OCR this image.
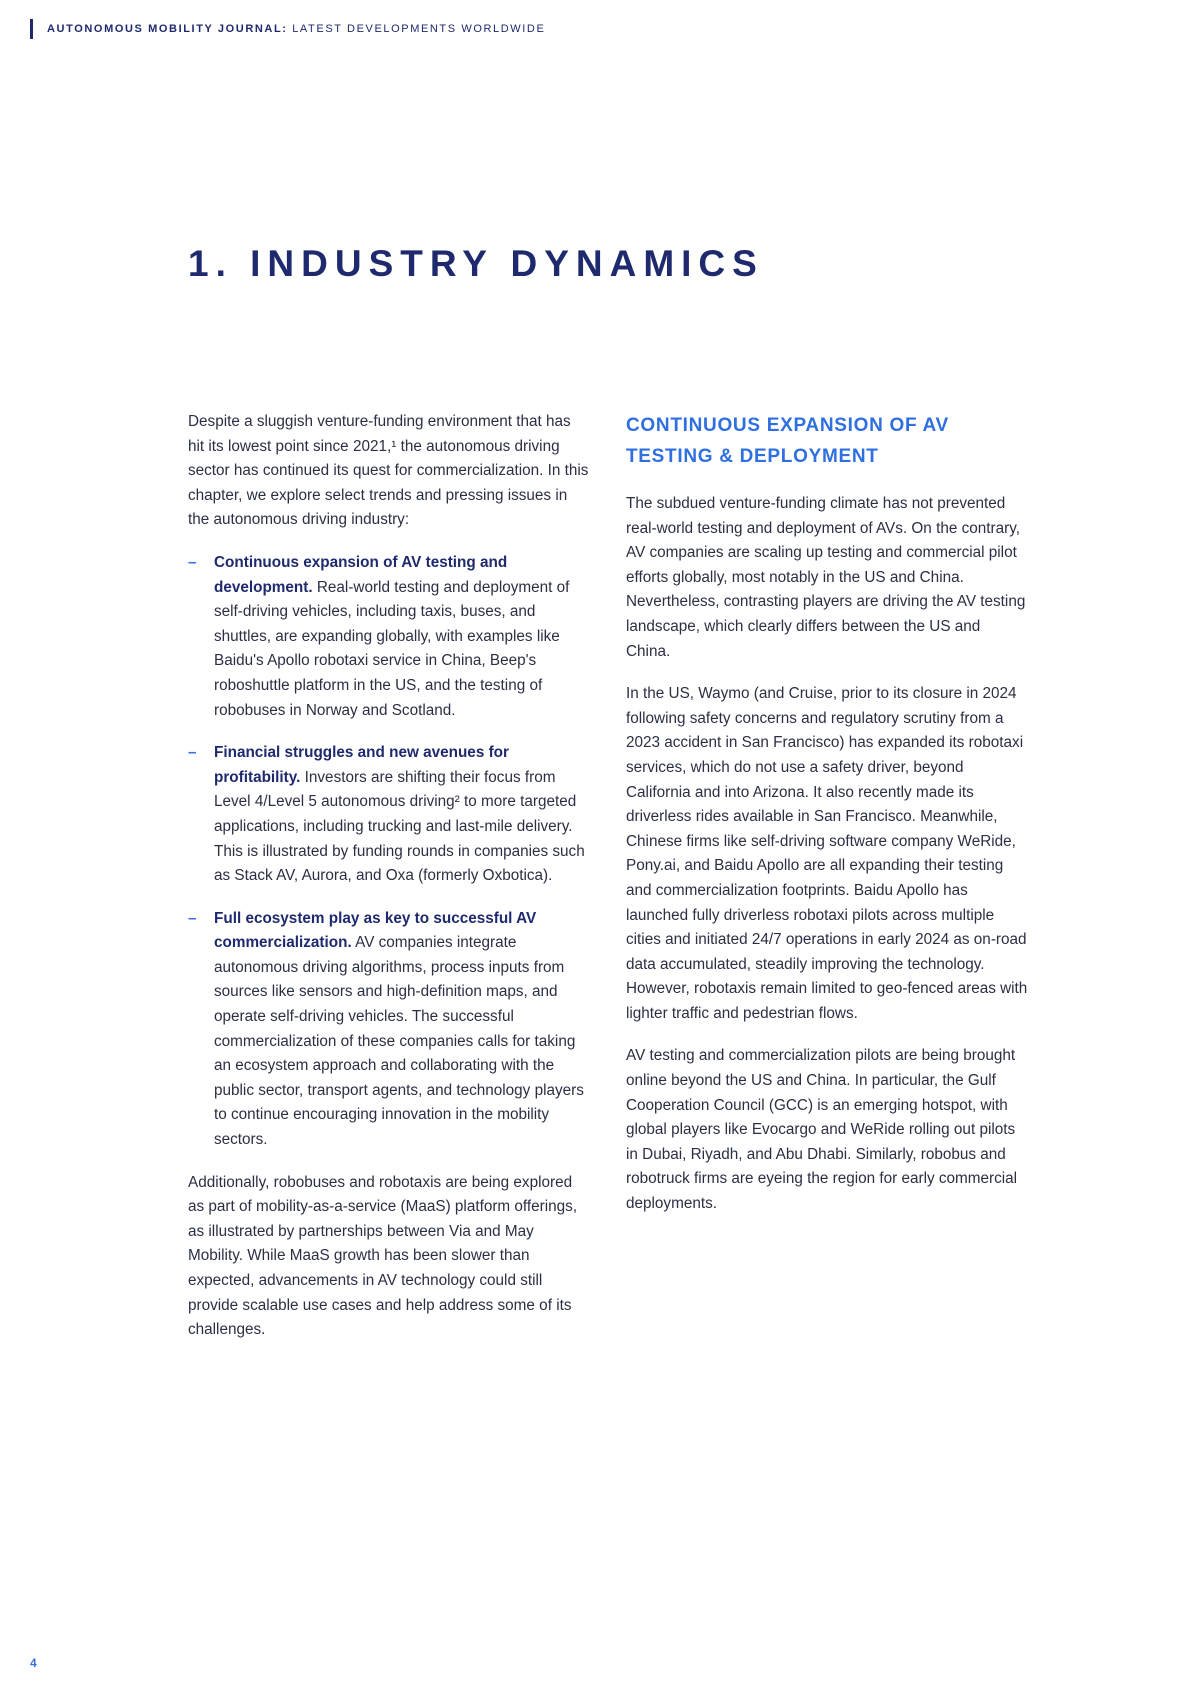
AUTONOMOUS MOBILITY JOURNAL: LATEST DEVELOPMENTS WORLDWIDE
1. INDUSTRY DYNAMICS

Despite a sluggish venture-funding environment that has hit its lowest point since 2021,¹ the autonomous driving sector has continued its quest for commercialization. In this chapter, we explore select trends and pressing issues in the autonomous driving industry:

– Continuous expansion of AV testing and development. Real-world testing and deployment of self-driving vehicles, including taxis, buses, and shuttles, are expanding globally, with examples like Baidu's Apollo robotaxi service in China, Beep's roboshuttle platform in the US, and the testing of robobuses in Norway and Scotland.
– Financial struggles and new avenues for profitability. Investors are shifting their focus from Level 4/Level 5 autonomous driving² to more targeted applications, including trucking and last-mile delivery. This is illustrated by funding rounds in companies such as Stack AV, Aurora, and Oxa (formerly Oxbotica).
– Full ecosystem play as key to successful AV commercialization. AV companies integrate autonomous driving algorithms, process inputs from sources like sensors and high-definition maps, and operate self-driving vehicles. The successful commercialization of these companies calls for taking an ecosystem approach and collaborating with the public sector, transport agents, and technology players to continue encouraging innovation in the mobility sectors.

Additionally, robobuses and robotaxis are being explored as part of mobility-as-a-service (MaaS) platform offerings, as illustrated by partnerships between Via and May Mobility. While MaaS growth has been slower than expected, advancements in AV technology could still provide scalable use cases and help address some of its challenges.

CONTINUOUS EXPANSION OF AV TESTING & DEPLOYMENT

The subdued venture-funding climate has not prevented real-world testing and deployment of AVs. On the contrary, AV companies are scaling up testing and commercial pilot efforts globally, most notably in the US and China. Nevertheless, contrasting players are driving the AV testing landscape, which clearly differs between the US and China.

In the US, Waymo (and Cruise, prior to its closure in 2024 following safety concerns and regulatory scrutiny from a 2023 accident in San Francisco) has expanded its robotaxi services, which do not use a safety driver, beyond California and into Arizona. It also recently made its driverless rides available in San Francisco. Meanwhile, Chinese firms like self-driving software company WeRide, Pony.ai, and Baidu Apollo are all expanding their testing and commercialization footprints. Baidu Apollo has launched fully driverless robotaxi pilots across multiple cities and initiated 24/7 operations in early 2024 as on-road data accumulated, steadily improving the technology. However, robotaxis remain limited to geo-fenced areas with lighter traffic and pedestrian flows.

AV testing and commercialization pilots are being brought online beyond the US and China. In particular, the Gulf Cooperation Council (GCC) is an emerging hotspot, with global players like Evocargo and WeRide rolling out pilots in Dubai, Riyadh, and Abu Dhabi. Similarly, robobus and robotruck firms are eyeing the region for early commercial deployments.

4
